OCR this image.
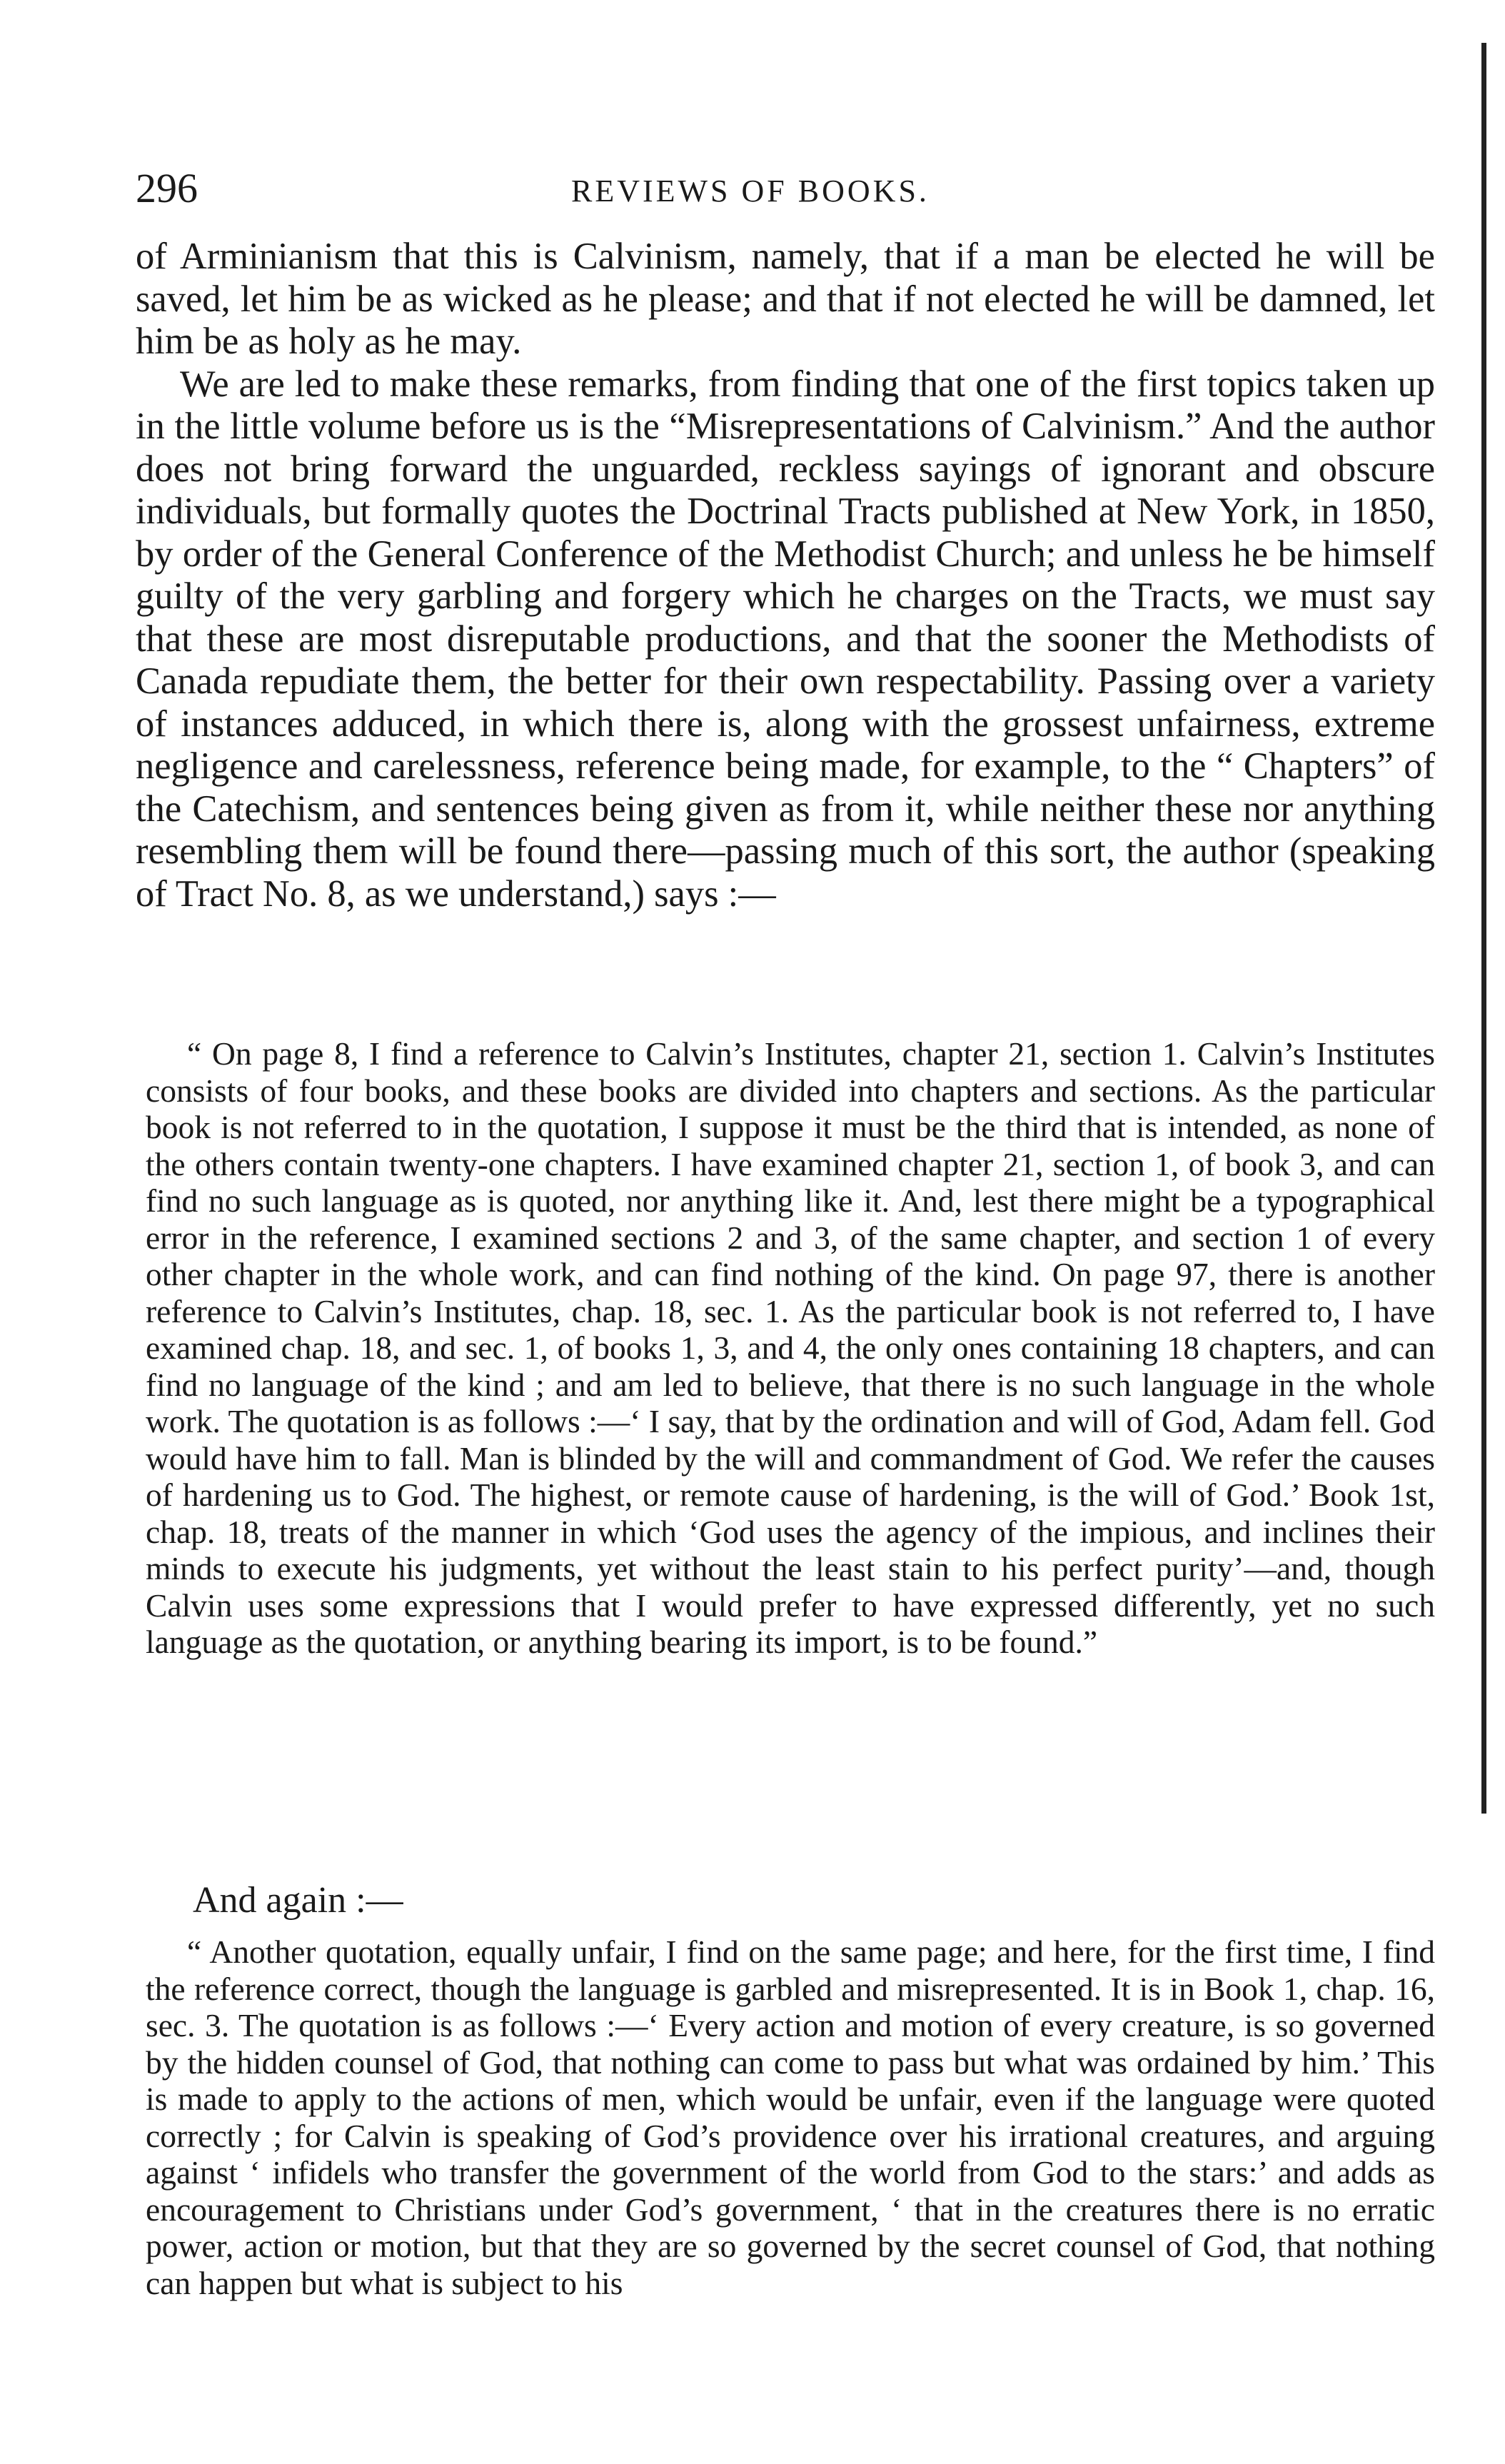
296	REVIEWS OF BOOKS.

of Arminianism that this is Calvinism, namely, that if a man be elected he will be saved, let him be as wicked as he please; and that if not elected he will be damned, let him be as holy as he may.

We are led to make these remarks, from finding that one of the first topics taken up in the little volume before us is the “Misrepresentations of Calvinism.” And the author does not bring forward the unguarded, reckless sayings of ignorant and obscure individuals, but formally quotes the Doctrinal Tracts published at New York, in 1850, by order of the General Conference of the Methodist Church; and unless he be himself guilty of the very garbling and forgery which he charges on the Tracts, we must say that these are most disreputable productions, and that the sooner the Methodists of Canada repudiate them, the better for their own respectability. Passing over a variety of instances adduced, in which there is, along with the grossest unfairness, extreme negligence and carelessness, reference being made, for example, to the “ Chapters” of the Catechism, and sentences being given as from it, while neither these nor anything resembling them will be found there—passing much of this sort, the author (speaking of Tract No. 8, as we understand,) says :—

“ On page 8, I find a reference to Calvin’s Institutes, chapter 21, section 1. Calvin’s Institutes consists of four books, and these books are divided into chapters and sections. As the particular book is not referred to in the quotation, I suppose it must be the third that is intended, as none of the others contain twenty-one chapters. I have examined chapter 21, section 1, of book 3, and can find no such language as is quoted, nor anything like it. And, lest there might be a typographical error in the reference, I examined sections 2 and 3, of the same chapter, and section 1 of every other chapter in the whole work, and can find nothing of the kind. On page 97, there is another reference to Calvin’s Institutes, chap. 18, sec. 1. As the particular book is not referred to, I have examined chap. 18, and sec. 1, of books 1, 3, and 4, the only ones containing 18 chapters, and can find no language of the kind ; and am led to believe, that there is no such language in the whole work. The quotation is as follows :—‘ I say, that by the ordination and will of God, Adam fell. God would have him to fall. Man is blinded by the will and commandment of God. We refer the causes of hardening us to God. The highest, or remote cause of hardening, is the will of God.’ Book 1st, chap. 18, treats of the manner in which ‘God uses the agency of the impious, and inclines their minds to execute his judgments, yet without the least stain to his perfect purity’—and, though Calvin uses some expressions that I would prefer to have expressed differently, yet no such language as the quotation, or anything bearing its import, is to be found.”

And again :—

“ Another quotation, equally unfair, I find on the same page; and here, for the first time, I find the reference correct, though the language is garbled and misrepresented. It is in Book 1, chap. 16, sec. 3. The quotation is as follows :—‘ Every action and motion of every creature, is so governed by the hidden counsel of God, that nothing can come to pass but what was ordained by him.’ This is made to apply to the actions of men, which would be unfair, even if the language were quoted correctly ; for Calvin is speaking of God’s providence over his irrational creatures, and arguing against ‘ infidels who transfer the government of the world from God to the stars:’ and adds as encouragement to Christians under God’s government, ‘ that in the creatures there is no erratic power, action or motion, but that they are so governed by the secret counsel of God, that nothing can happen but what is subject to his
